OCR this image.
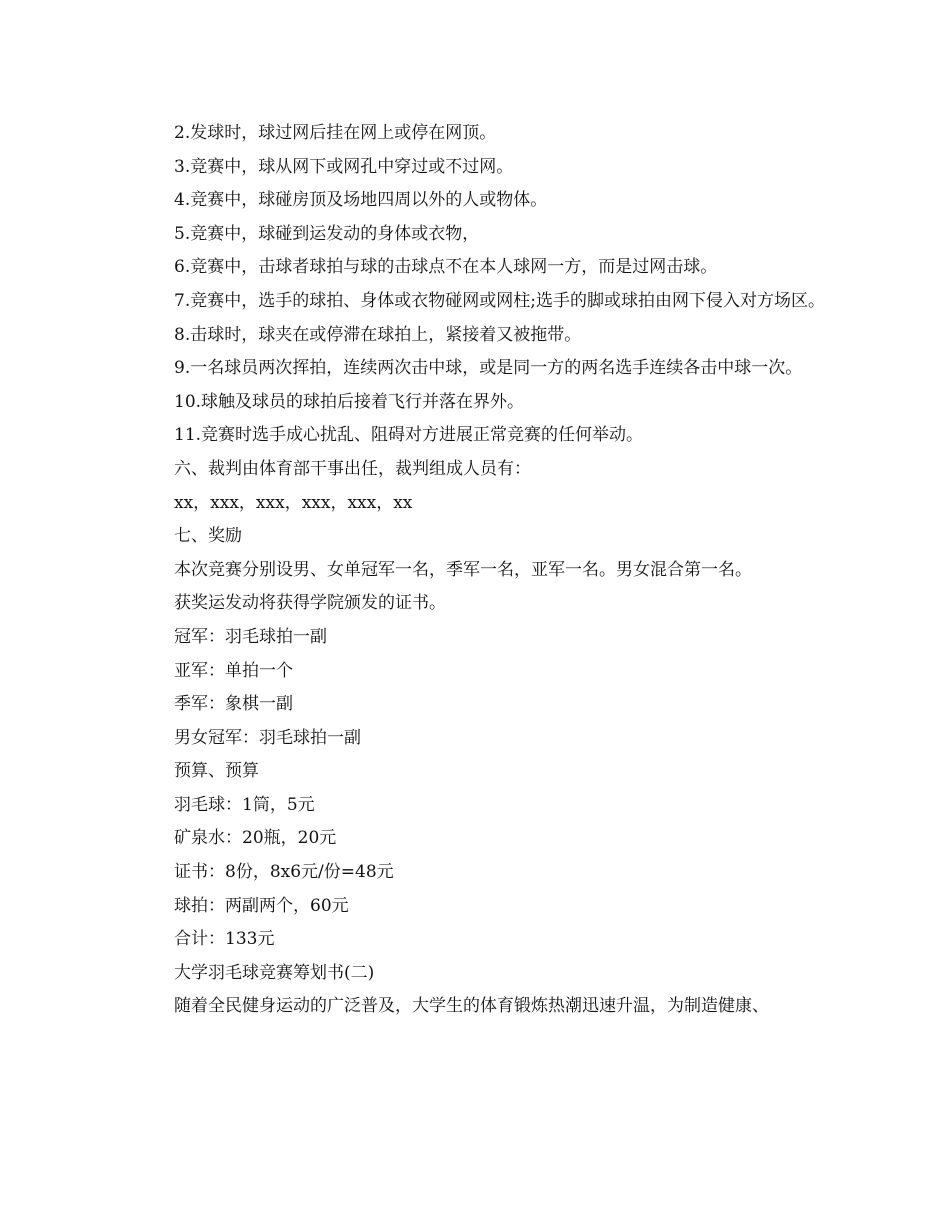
2.发球时，球过网后挂在网上或停在网顶。

3.竞赛中，球从网下或网孔中穿过或不过网。

4.竞赛中，球碰房顶及场地四周以外的人或物体。

5.竞赛中，球碰到运发动的身体或衣物，

6.竞赛中，击球者球拍与球的击球点不在本人球网一方，而是过网击球。

7.竞赛中，选手的球拍、身体或衣物碰网或网柱;选手的脚或球拍由网下侵入对方场区。

8.击球时，球夹在或停滞在球拍上，紧接着又被拖带。

9.一名球员两次挥拍，连续两次击中球，或是同一方的两名选手连续各击中球一次。

10.球触及球员的球拍后接着飞行并落在界外。

11.竞赛时选手成心扰乱、阻碍对方进展正常竞赛的任何举动。

六、裁判由体育部干事出任，裁判组成人员有：

xx，xxx，xxx，xxx，xxx，xx

七、奖励

本次竞赛分别设男、女单冠军一名，季军一名，亚军一名。男女混合第一名。

获奖运发动将获得学院颁发的证书。

冠军：羽毛球拍一副

亚军：单拍一个

季军：象棋一副

男女冠军：羽毛球拍一副

预算、预算

羽毛球：1筒，5元

矿泉水：20瓶，20元

证书：8份，8x6元/份=48元

球拍：两副两个，60元

合计：133元

大学羽毛球竞赛筹划书(二)

随着全民健身运动的广泛普及，大学生的体育锻炼热潮迅速升温，为制造健康、
